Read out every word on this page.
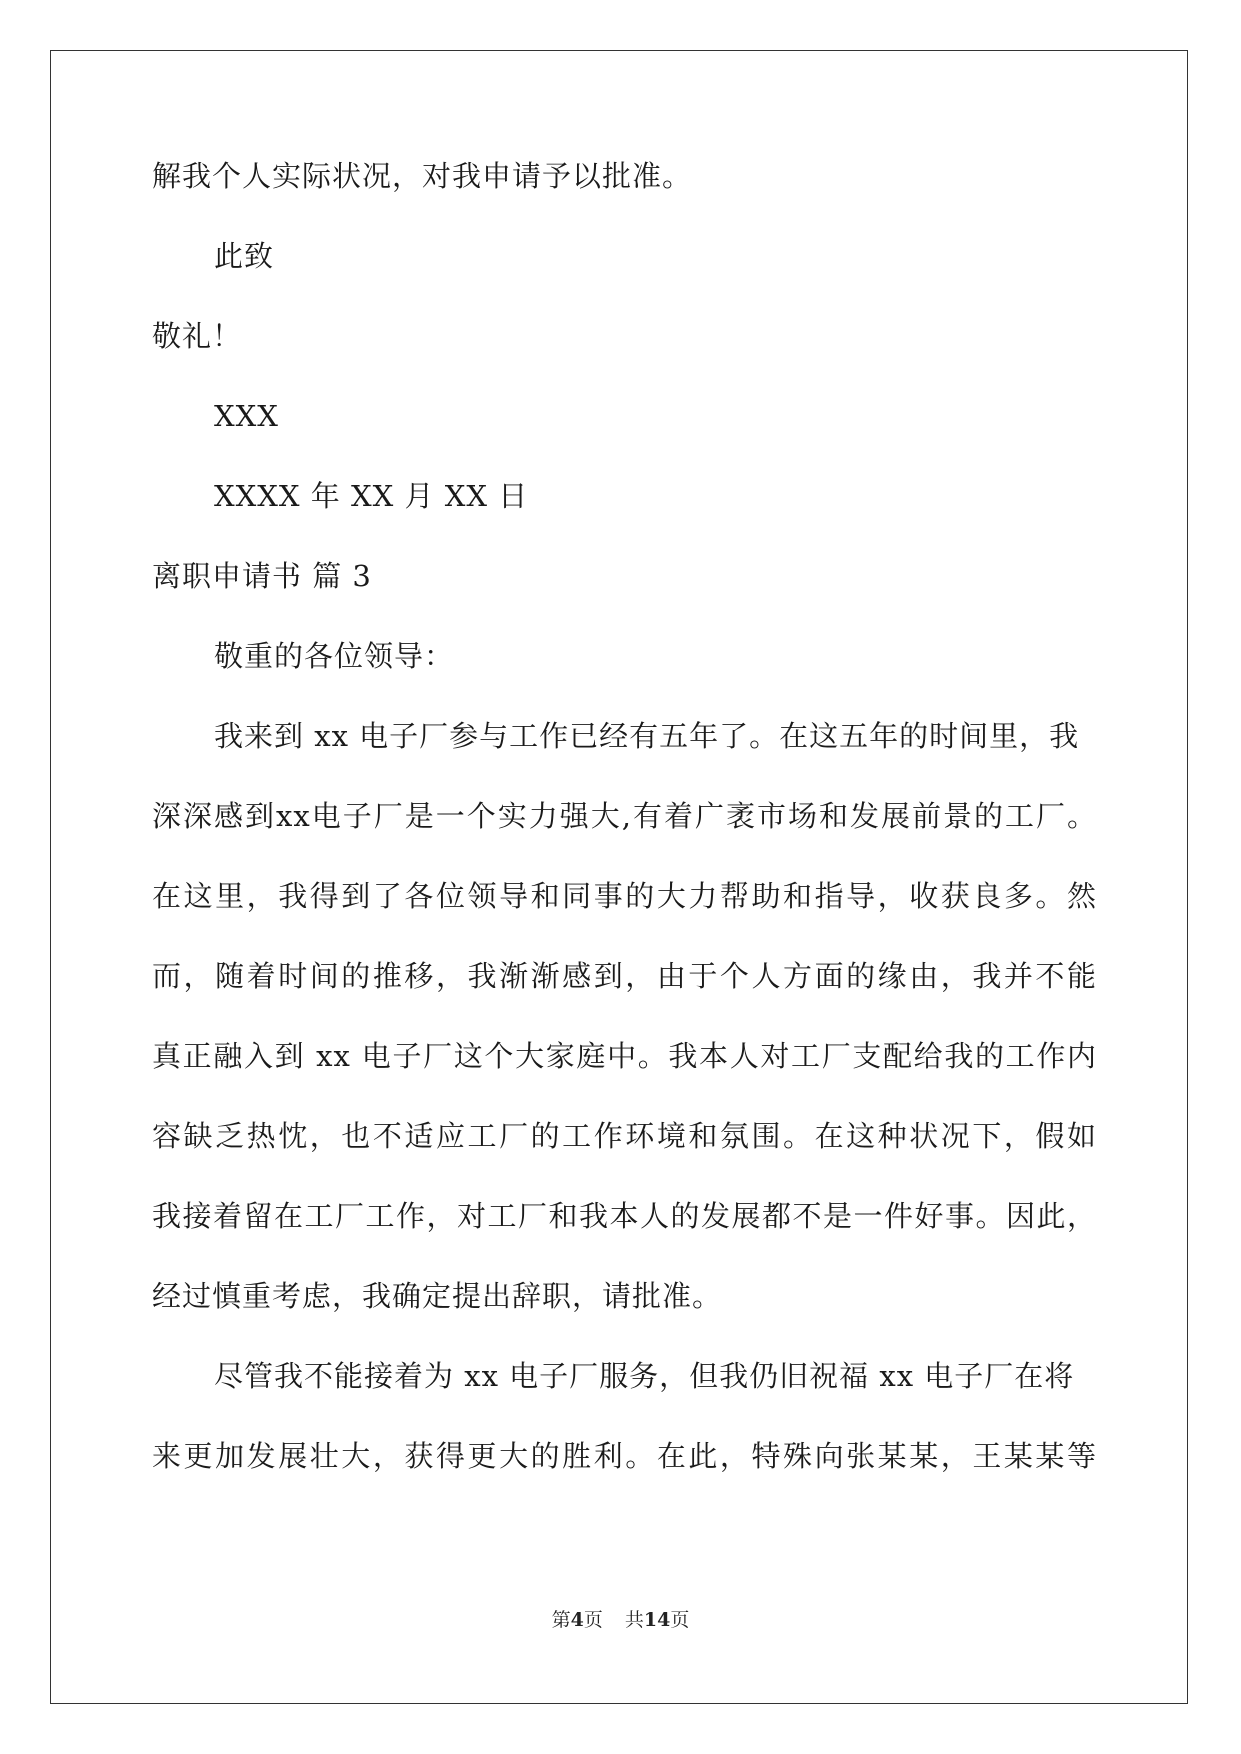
解我个人实际状况，对我申请予以批准。
此致
敬礼！
XXX
XXXX 年 XX 月 XX 日
离职申请书 篇 3
敬重的各位领导：
我来到 xx 电子厂参与工作已经有五年了。在这五年的时间里，我
深深感到xx电子厂是一个实力强大,有着广袤市场和发展前景的工厂。
在这里，我得到了各位领导和同事的大力帮助和指导，收获良多。然
而，随着时间的推移，我渐渐感到，由于个人方面的缘由，我并不能
真正融入到 xx 电子厂这个大家庭中。我本人对工厂支配给我的工作内
容缺乏热忱，也不适应工厂的工作环境和氛围。在这种状况下，假如
我接着留在工厂工作，对工厂和我本人的发展都不是一件好事。因此，
经过慎重考虑，我确定提出辞职，请批准。
尽管我不能接着为 xx 电子厂服务，但我仍旧祝福 xx 电子厂在将
来更加发展壮大，获得更大的胜利。在此，特殊向张某某，王某某等
第4页 共14页
